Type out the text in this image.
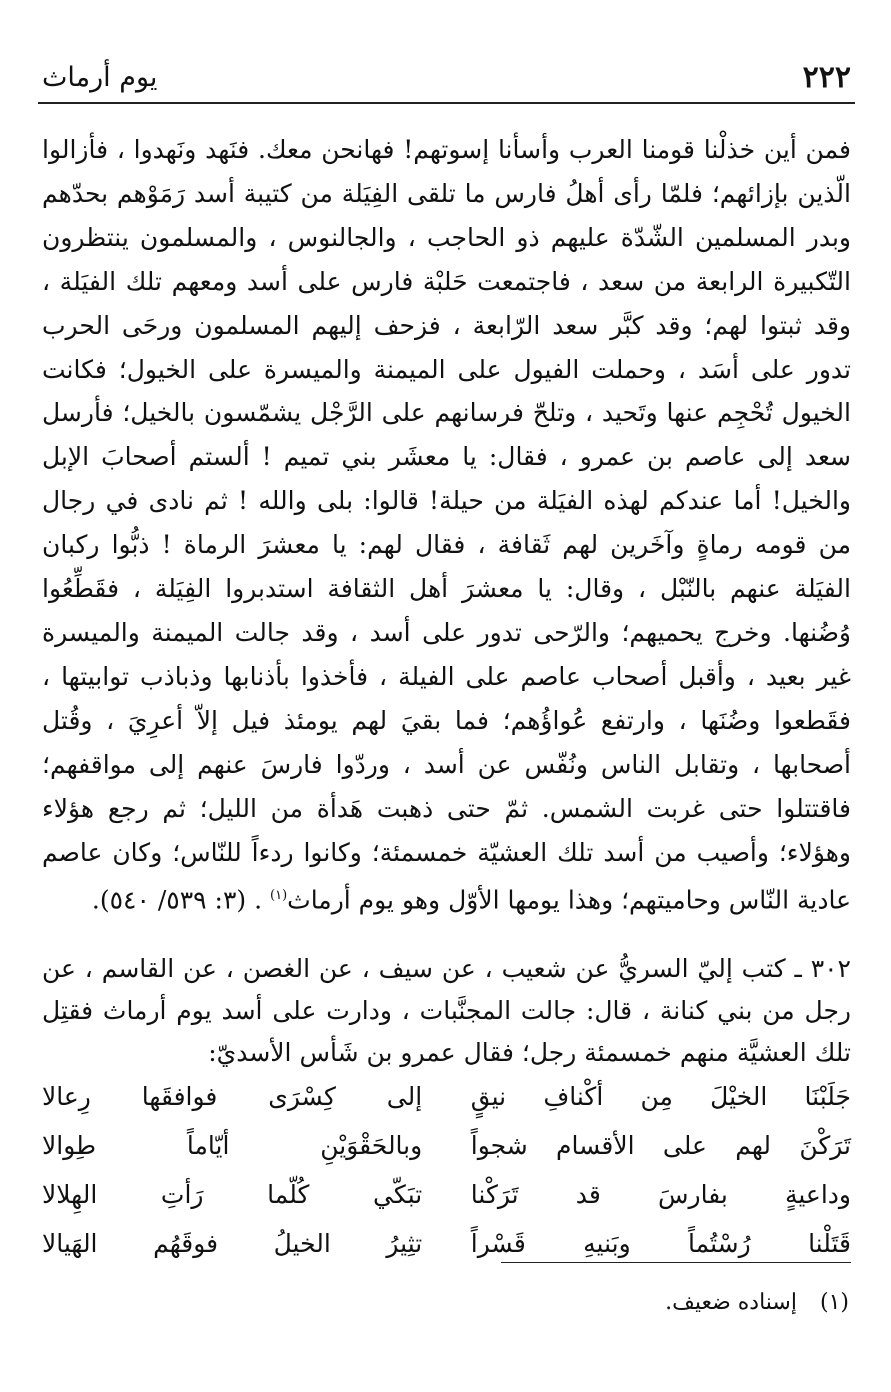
٢٢٢
يوم أرماث

فمن أين خذلْنا قومنا العرب وأسأنا إسوتهم! فهانحن معك. فنَهد ونَهدوا ، فأزالوا الّذين بإزائهم؛ فلمّا رأى أهلُ فارس ما تلقى الفِيَلة من كتيبة أسد رَمَوْهم بحدّهم وبدر المسلمين الشّدّة عليهم ذو الحاجب ، والجالنوس ، والمسلمون ينتظرون التّكبيرة الرابعة من سعد ، فاجتمعت حَلبْة فارس على أسد ومعهم تلك الفيَلة ، وقد ثبتوا لهم؛ وقد كبَّر سعد الرّابعة ، فزحف إليهم المسلمون ورحَى الحرب تدور على أسَد ، وحملت الفيول على الميمنة والميسرة على الخيول؛ فكانت الخيول تُحْجِم عنها وتَحيد ، وتلحّ فرسانهم على الرَّجْل يشمّسون بالخيل؛ فأرسل سعد إلى عاصم بن عمرو ، فقال: يا معشَر بني تميم ! ألستم أصحابَ الإبل والخيل! أما عندكم لهذه الفيَلة من حيلة! قالوا: بلى والله ! ثم نادى في رجال من قومه رماةٍ وآخَرين لهم ثَقافة ، فقال لهم: يا معشرَ الرماة ! ذبُّوا ركبان الفيَلة عنهم بالنّبْل ، وقال: يا معشرَ أهل الثقافة استدبروا الفِيَلة ، فقَطِّعُوا وُضُنها. وخرج يحميهم؛ والرّحى تدور على أسد ، وقد جالت الميمنة والميسرة غير بعيد ، وأقبل أصحاب عاصم على الفيلة ، فأخذوا بأذنابها وذباذب توابيتها ، فقَطعوا وضُنَها ، وارتفع عُواؤُهم؛ فما بقيَ لهم يومئذ فيل إلاّ أعرِيَ ، وقُتل أصحابها ، وتقابل الناس ونُفّس عن أسد ، وردّوا فارسَ عنهم إلى مواقفهم؛ فاقتتلوا حتى غربت الشمس. ثمّ حتى ذهبت هَدأة من الليل؛ ثم رجع هؤلاء وهؤلاء؛ وأصيب من أسد تلك العشيّة خمسمئة؛ وكانوا ردءاً للنّاس؛ وكان عاصم عادية النّاس وحاميتهم؛ وهذا يومها الأوّل وهو يوم أرماث$^{(١)}$ . (٣: ٥٣٩/ ٥٤٠).

٣٠٢ ـ كتب إليّ السريُّ عن شعيب ، عن سيف ، عن الغصن ، عن القاسم ، عن رجل من بني كنانة ، قال: جالت المجنَّبات ، ودارت على أسد يوم أرماث فقتِل تلك العشيَّة منهم خمسمئة رجل؛ فقال عمرو بن شَأس الأسديّ:

جَلَبْنَا الخيْلَ مِن أكْنافِ نيقٍ
إلى كِسْرَى فوافقَها رِعالا
تَرَكْنَ لهم على الأقسام شجواً
وبالحَقْوَيْنِ أيّاماً طِوالا
وداعيةٍ بفارسَ قد تَرَكْنا
تبَكّي كُلّما رَأتِ الهِلالا
قَتَلْنا رُسْتُماً وبَنيهِ قَسْراً
تثِيرُ الخيلُ فوقَهُم الهَيالا
(١) إسناده ضعيف.
